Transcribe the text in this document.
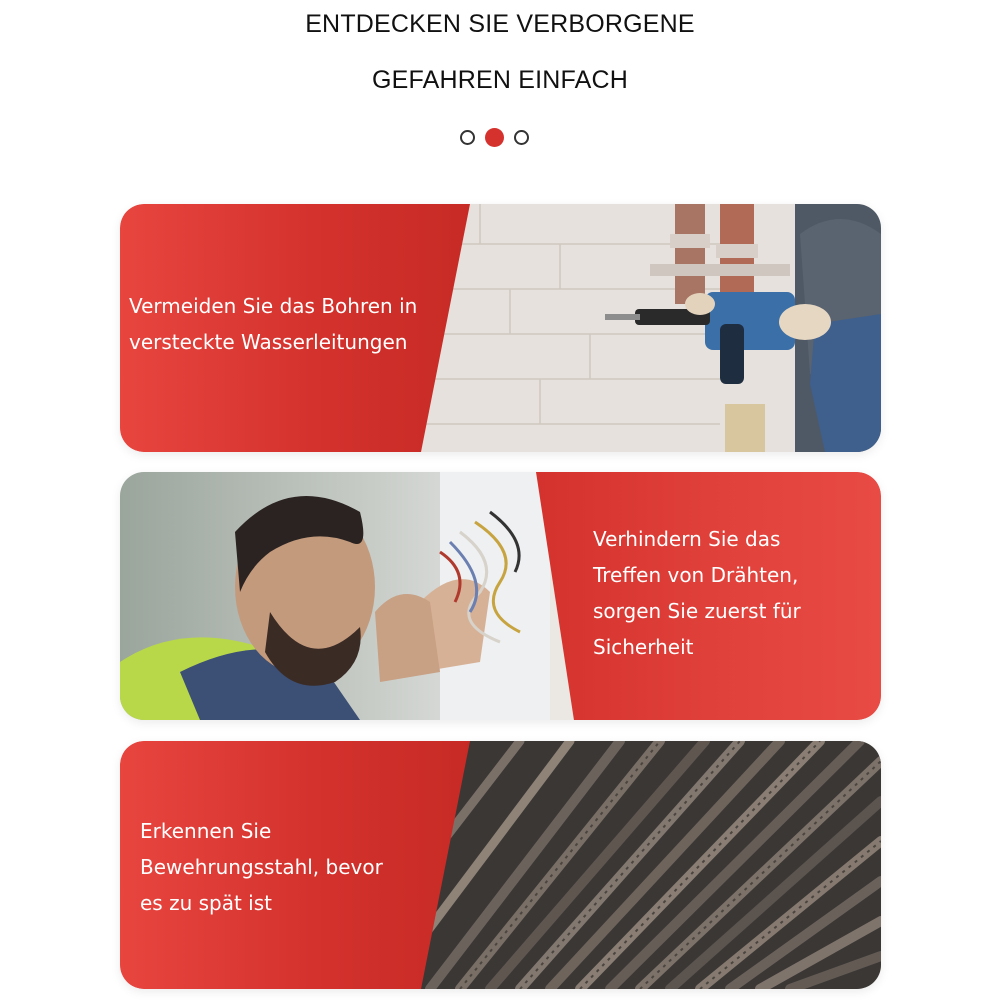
ENTDECKEN SIE VERBORGENE
GEFAHREN EINFACH
Vermeiden Sie das Bohren in
versteckte Wasserleitungen
Verhindern Sie das
Treffen von Drähten,
sorgen Sie zuerst für
Sicherheit
Erkennen Sie
Bewehrungsstahl, bevor
es zu spät ist
